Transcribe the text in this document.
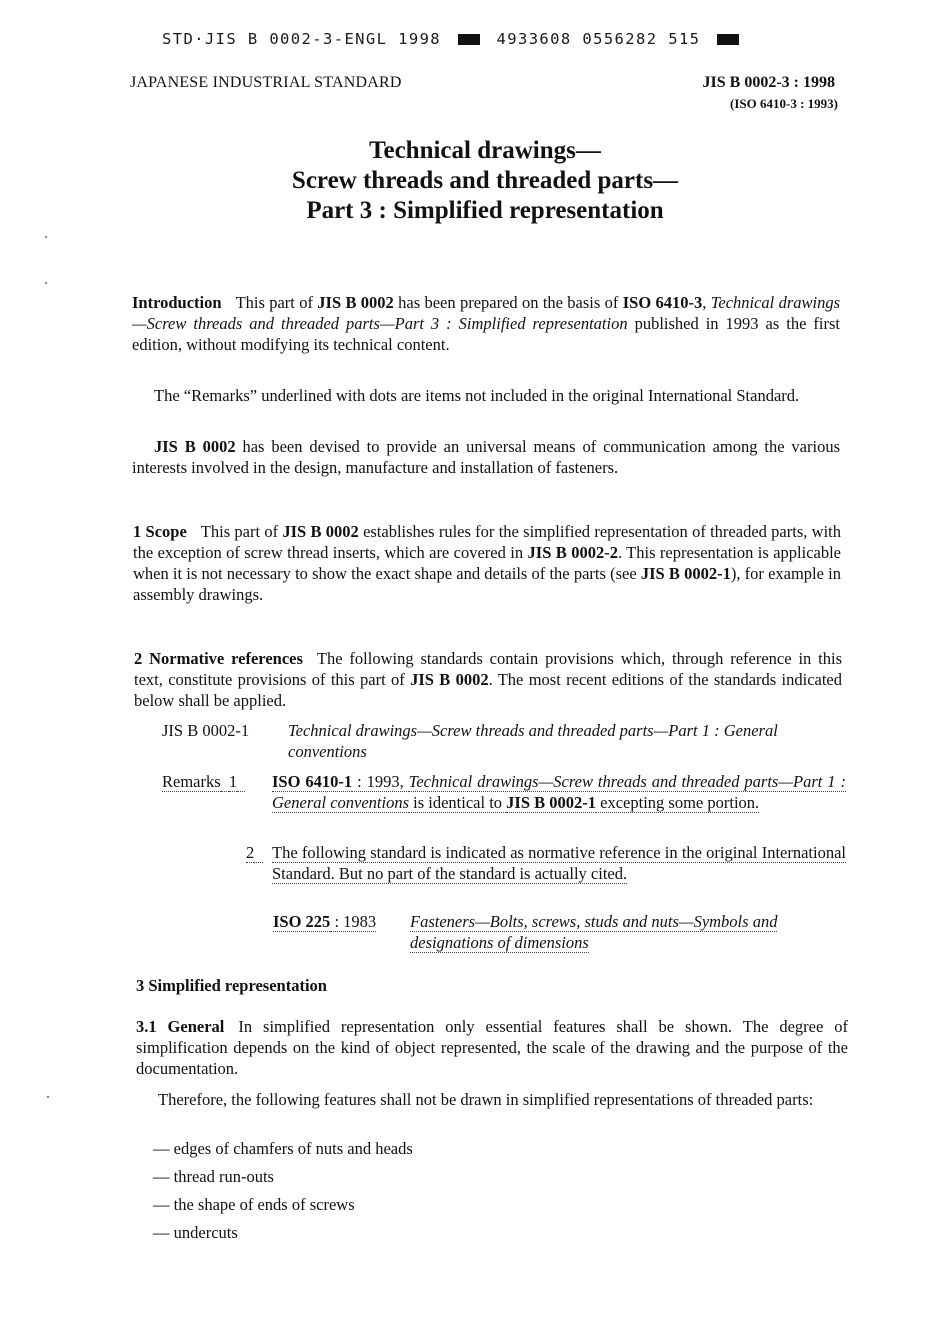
STD·JIS B 0002-3-ENGL 1998	4933608 0556282 515
JAPANESE INDUSTRIAL STANDARD	JIS B 0002-3 : 1998
(ISO 6410-3 : 1993)
Technical drawings—
Screw threads and threaded parts—
Part 3 : Simplified representation
Introduction This part of JIS B 0002 has been prepared on the basis of ISO 6410-3, Technical drawings—Screw threads and threaded parts—Part 3 : Simplified representation published in 1993 as the first edition, without modifying its technical content.
The “Remarks” underlined with dots are items not included in the original International Standard.
JIS B 0002 has been devised to provide an universal means of communication among the various interests involved in the design, manufacture and installation of fasteners.
1 Scope This part of JIS B 0002 establishes rules for the simplified representation of threaded parts, with the exception of screw thread inserts, which are covered in JIS B 0002-2. This representation is applicable when it is not necessary to show the exact shape and details of the parts (see JIS B 0002-1), for example in assembly drawings.
2 Normative references The following standards contain provisions which, through reference in this text, constitute provisions of this part of JIS B 0002. The most recent editions of the standards indicated below shall be applied.
JIS B 0002-1	Technical drawings—Screw threads and threaded parts—Part 1 : General conventions
Remarks 1	ISO 6410-1 : 1993, Technical drawings—Screw threads and threaded parts—Part 1 : General conventions is identical to JIS B 0002-1 excepting some portion.
2	The following standard is indicated as normative reference in the original International Standard. But no part of the standard is actually cited.
ISO 225 : 1983 Fasteners—Bolts, screws, studs and nuts—Symbols and designations of dimensions
3 Simplified representation
3.1 General In simplified representation only essential features shall be shown. The degree of simplification depends on the kind of object represented, the scale of the drawing and the purpose of the documentation.
Therefore, the following features shall not be drawn in simplified representations of threaded parts:
— edges of chamfers of nuts and heads
— thread run-outs
— the shape of ends of screws
— undercuts
